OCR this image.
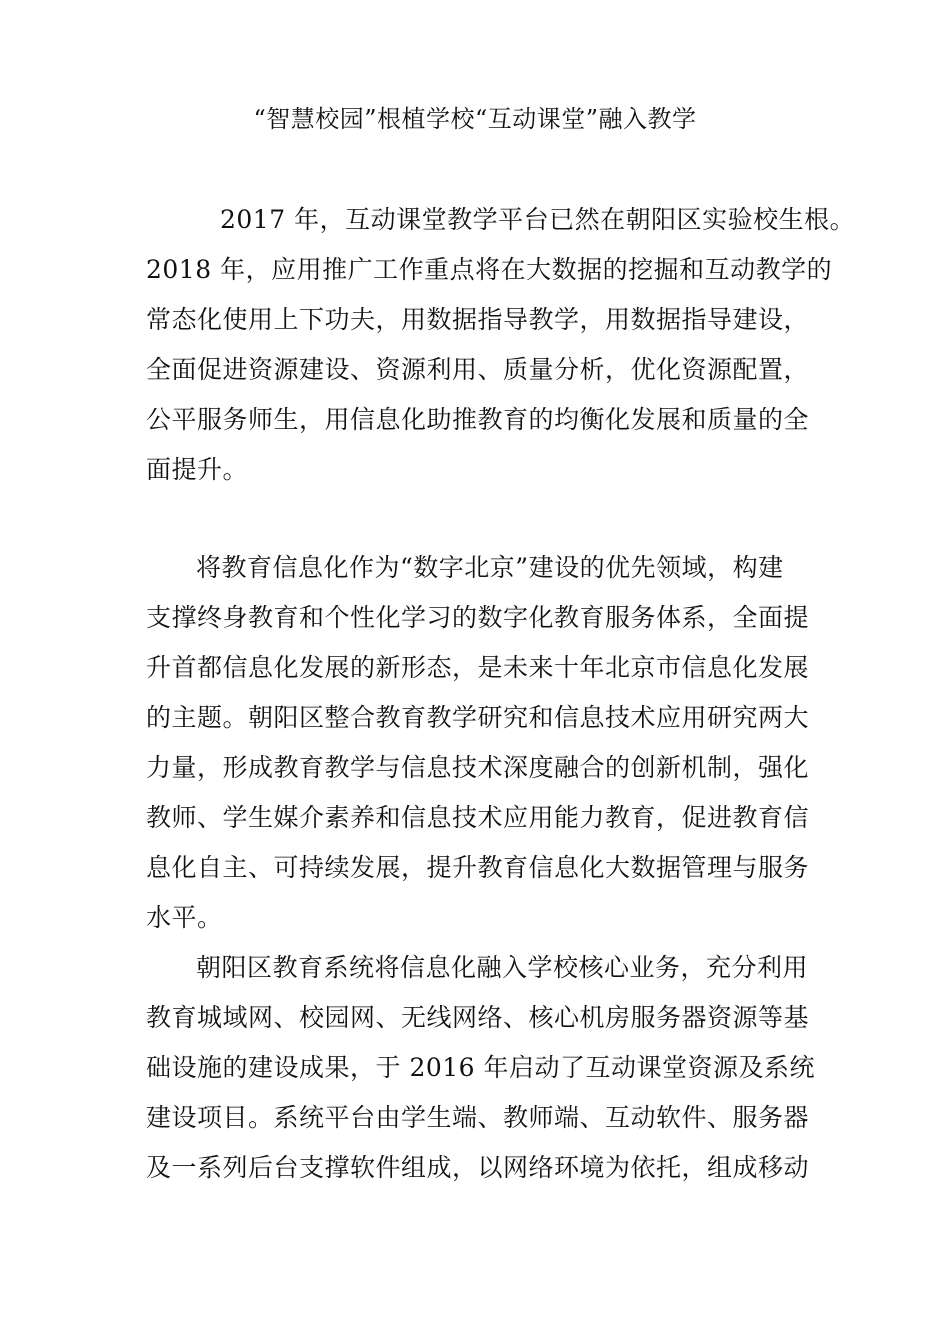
“智慧校园”根植学校“互动课堂”融入教学
2017 年，互动课堂教学平台已然在朝阳区实验校生根。
2018 年，应用推广工作重点将在大数据的挖掘和互动教学的
常态化使用上下功夫，用数据指导教学，用数据指导建设，
全面促进资源建设、资源利用、质量分析，优化资源配置，
公平服务师生，用信息化助推教育的均衡化发展和质量的全
面提升。
将教育信息化作为“数字北京”建设的优先领域，构建
支撑终身教育和个性化学习的数字化教育服务体系，全面提
升首都信息化发展的新形态，是未来十年北京市信息化发展
的主题。朝阳区整合教育教学研究和信息技术应用研究两大
力量，形成教育教学与信息技术深度融合的创新机制，强化
教师、学生媒介素养和信息技术应用能力教育，促进教育信
息化自主、可持续发展，提升教育信息化大数据管理与服务
水平。
朝阳区教育系统将信息化融入学校核心业务，充分利用
教育城域网、校园网、无线网络、核心机房服务器资源等基
础设施的建设成果，于 2016 年启动了互动课堂资源及系统
建设项目。系统平台由学生端、教师端、互动软件、服务器
及一系列后台支撑软件组成，以网络环境为依托，组成移动
